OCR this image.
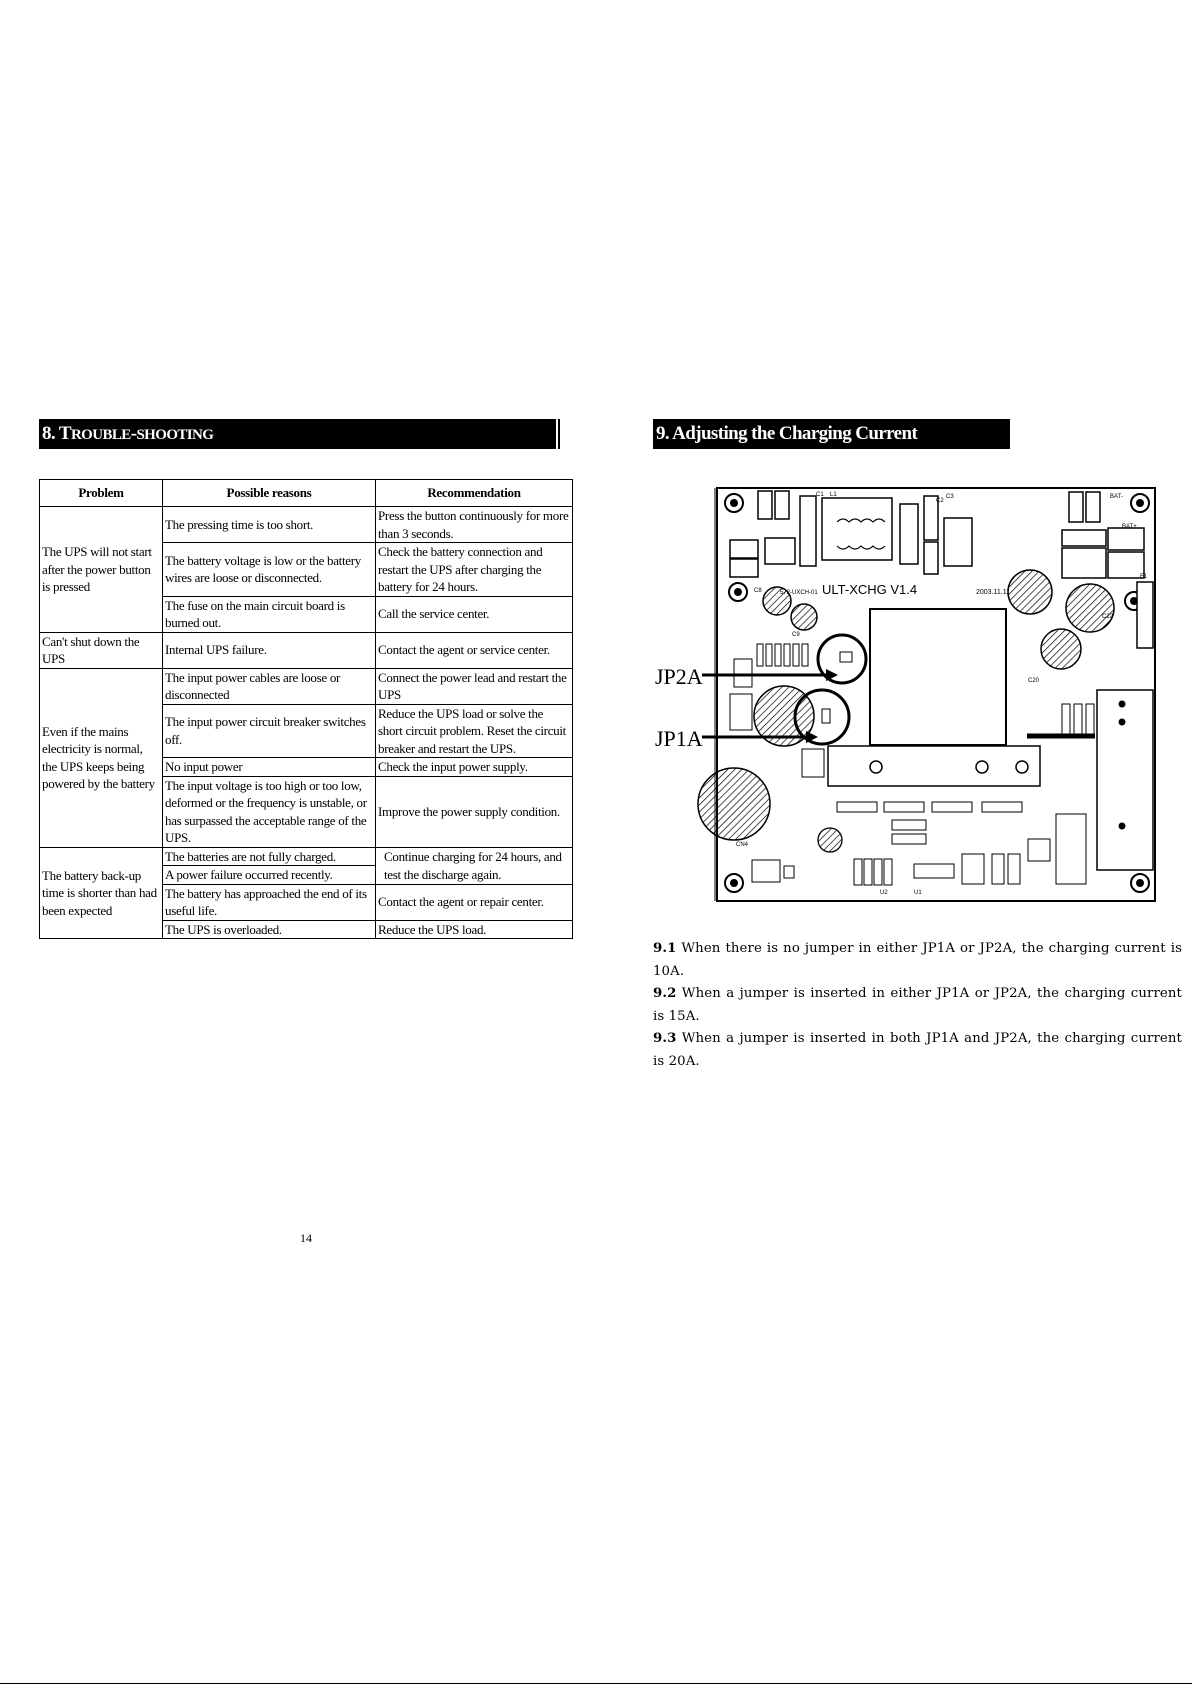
8. TROUBLE-SHOOTING
Problem	Possible reasons	Recommendation
The UPS will not start after the power button is pressed	The pressing time is too short.	Press the button continuously for more than 3 seconds.
	The battery voltage is low or the battery wires are loose or disconnected.	Check the battery connection and restart the UPS after charging the battery for 24 hours.
	The fuse on the main circuit board is burned out.	Call the service center.
Can't shut down the UPS	Internal UPS failure.	Contact the agent or service center.
Even if the mains electricity is normal, the UPS keeps being powered by the battery	The input power cables are loose or disconnected	Connect the power lead and restart the UPS
	The input power circuit breaker switches off.	Reduce the UPS load or solve the short circuit problem. Reset the circuit breaker and restart the UPS.
	No input power	Check the input power supply.
	The input voltage is too high or too low, deformed or the frequency is unstable, or has surpassed the acceptable range of the UPS.	Improve the power supply condition.
The battery back-up time is shorter than had been expected	The batteries are not fully charged.	Continue charging for 24 hours, and test the discharge again.
	A power failure occurred recently.	
	The battery has approached the end of its useful life.	Contact the agent or repair center.
	The UPS is overloaded.	Reduce the UPS load.
14
9. Adjusting the Charging Current
JP2A
JP1A
ULT-XCHG V1.4
572-UXCH-01	2003.11.11
BAT-
BAT+
C1
C2
C3
C8
C9
C20
C22
L1
CN4
U2	U1
F1
9.1 When there is no jumper in either JP1A or JP2A, the charging current is 10A.
9.2 When a jumper is inserted in either JP1A or JP2A, the charging current is 15A.
9.3 When a jumper is inserted in both JP1A and JP2A, the charging current is 20A.
